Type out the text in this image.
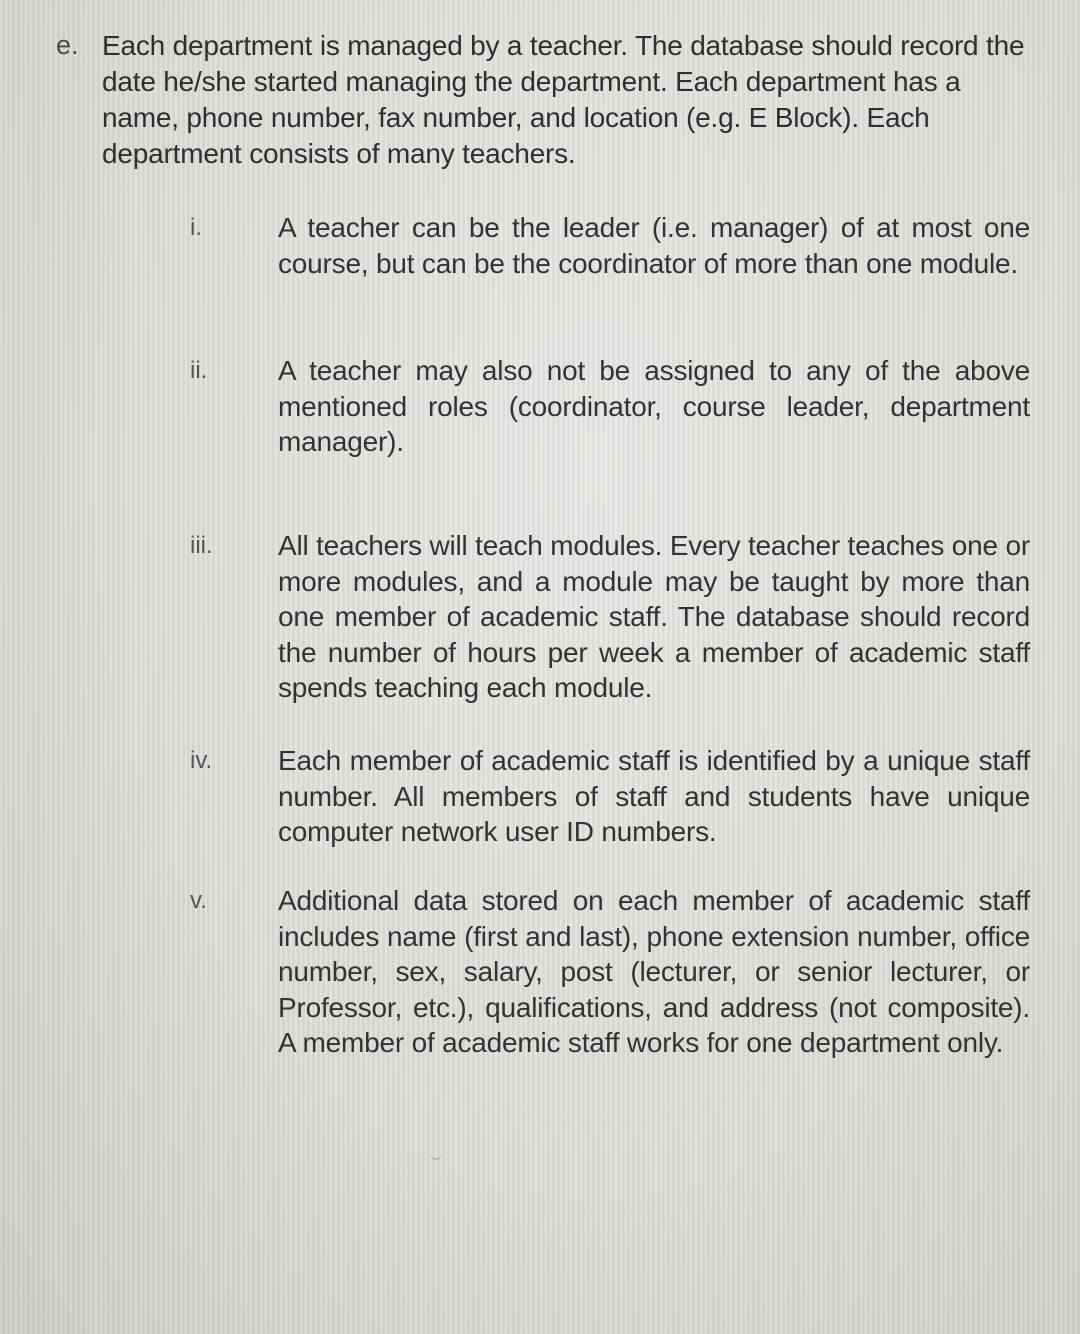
e. Each department is managed by a teacher. The database should record the date he/she started managing the department. Each department has a name, phone number, fax number, and location (e.g. E Block). Each department consists of many teachers.
i.	A teacher can be the leader (i.e. manager) of at most one course, but can be the coordinator of more than one module.
ii.	A teacher may also not be assigned to any of the above mentioned roles (coordinator, course leader, department manager).
iii. All teachers will teach modules. Every teacher teaches one or more modules, and a module may be taught by more than one member of academic staff. The database should record the number of hours per week a member of academic staff spends teaching each module.
iv. Each member of academic staff is identified by a unique staff number. All members of staff and students have unique computer network user ID numbers.
v.	Additional data stored on each member of academic staff includes name (first and last), phone extension number, office number, sex, salary, post (lecturer, or senior lecturer, or Professor, etc.), qualifications, and address (not composite). A member of academic staff works for one department only.
